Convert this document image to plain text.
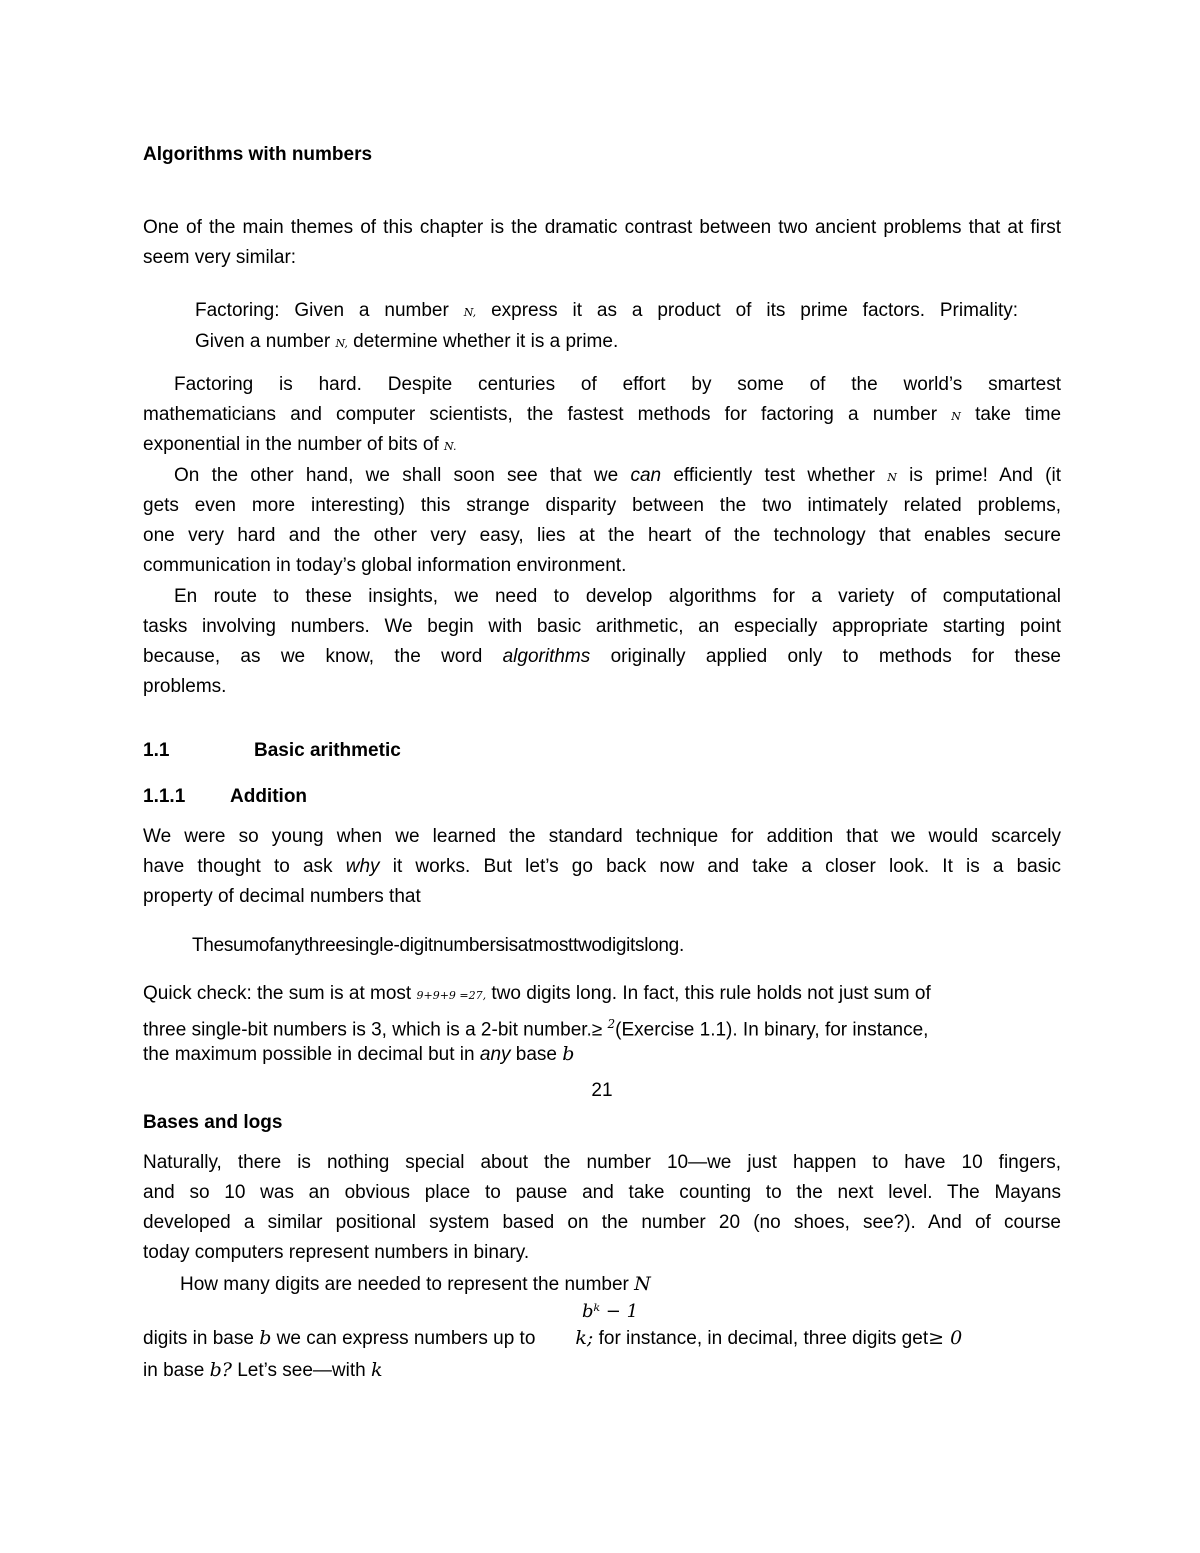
Algorithms with numbers

One of the main themes of this chapter is the dramatic contrast between two ancient problems that at first seem very similar:

Factoring: Given a number N, express it as a product of its prime factors. Primality:

Given a number N, determine whether it is a prime.

Factoring is hard. Despite centuries of effort by some of the world’s smartest

mathematicians and computer scientists, the fastest methods for factoring a number N take time

exponential in the number of bits of N.

On the other hand, we shall soon see that we can efficiently test whether N is prime! And (it

gets even more interesting) this strange disparity between the two intimately related problems,

one very hard and the other very easy, lies at the heart of the technology that enables secure

communication in today’s global information environment.

En route to these insights, we need to develop algorithms for a variety of computational

tasks involving numbers. We begin with basic arithmetic, an especially appropriate starting point

because, as we know, the word algorithms originally applied only to methods for these

problems.

1.1	Basic arithmetic

1.1.1 Addition

We were so young when we learned the standard technique for addition that we would scarcely

have thought to ask why it works. But let’s go back now and take a closer look. It is a basic

property of decimal numbers that

Thesumofanythreesingle-digitnumbersisatmosttwodigitslong.

Quick check: the sum is at most 9+9+9 =27, two digits long. In fact, this rule holds not just sum of

three single-bit numbers is 3, which is a 2-bit number.≥ $^2$(Exercise 1.1). In binary, for instance,

the maximum possible in decimal but in any base b

21

Bases and logs

Naturally, there is nothing special about the number 10—we just happen to have 10 fingers,

and so 10 was an obvious place to pause and take counting to the next level. The Mayans

developed a similar positional system based on the number 20 (no shoes, see?). And of course

today computers represent numbers in binary.

How many digits are needed to represent the number N

bᵏ − 1

digits in base b we can express numbers up to k; for instance, in decimal, three digits get≥ 0

in base b? Let’s see—with k
